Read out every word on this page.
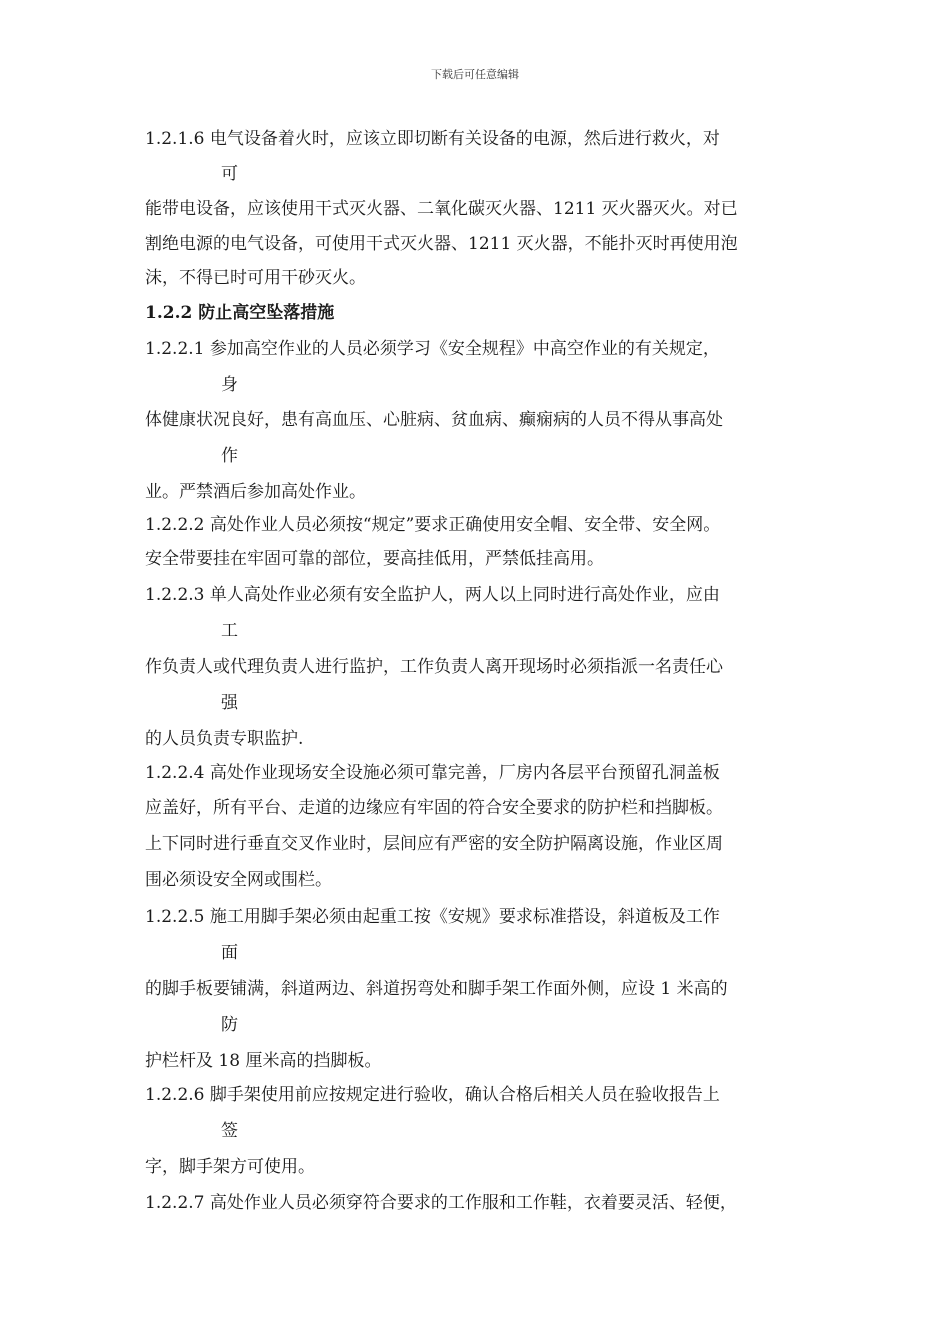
下载后可任意编辑
1.2.1.6 电气设备着火时，应该立即切断有关设备的电源，然后进行救火，对
可
能带电设备，应该使用干式灭火器、二氧化碳灭火器、1211 灭火器灭火。对已
割绝电源的电气设备，可使用干式灭火器、1211 灭火器，不能扑灭时再使用泡
沫，不得已时可用干砂灭火。
1.2.2 防止高空坠落措施
1.2.2.1 参加高空作业的人员必须学习《安全规程》中高空作业的有关规定，
身
体健康状况良好，患有高血压、心脏病、贫血病、癫痫病的人员不得从事高处
作
业。严禁酒后参加高处作业。
1.2.2.2 高处作业人员必须按“规定”要求正确使用安全帽、安全带、安全网。
安全带要挂在牢固可靠的部位，要高挂低用，严禁低挂高用。
1.2.2.3 单人高处作业必须有安全监护人，两人以上同时进行高处作业，应由
工
作负责人或代理负责人进行监护，工作负责人离开现场时必须指派一名责任心
强
的人员负责专职监护.
1.2.2.4 高处作业现场安全设施必须可靠完善，厂房内各层平台预留孔洞盖板
应盖好，所有平台、走道的边缘应有牢固的符合安全要求的防护栏和挡脚板。
上下同时进行垂直交叉作业时，层间应有严密的安全防护隔离设施，作业区周
围必须设安全网或围栏。
1.2.2.5 施工用脚手架必须由起重工按《安规》要求标准搭设，斜道板及工作
面
的脚手板要铺满，斜道两边、斜道拐弯处和脚手架工作面外侧，应设 1 米高的
防
护栏杆及 18 厘米高的挡脚板。
1.2.2.6 脚手架使用前应按规定进行验收，确认合格后相关人员在验收报告上
签
字，脚手架方可使用。
1.2.2.7 高处作业人员必须穿符合要求的工作服和工作鞋，衣着要灵活、轻便，
